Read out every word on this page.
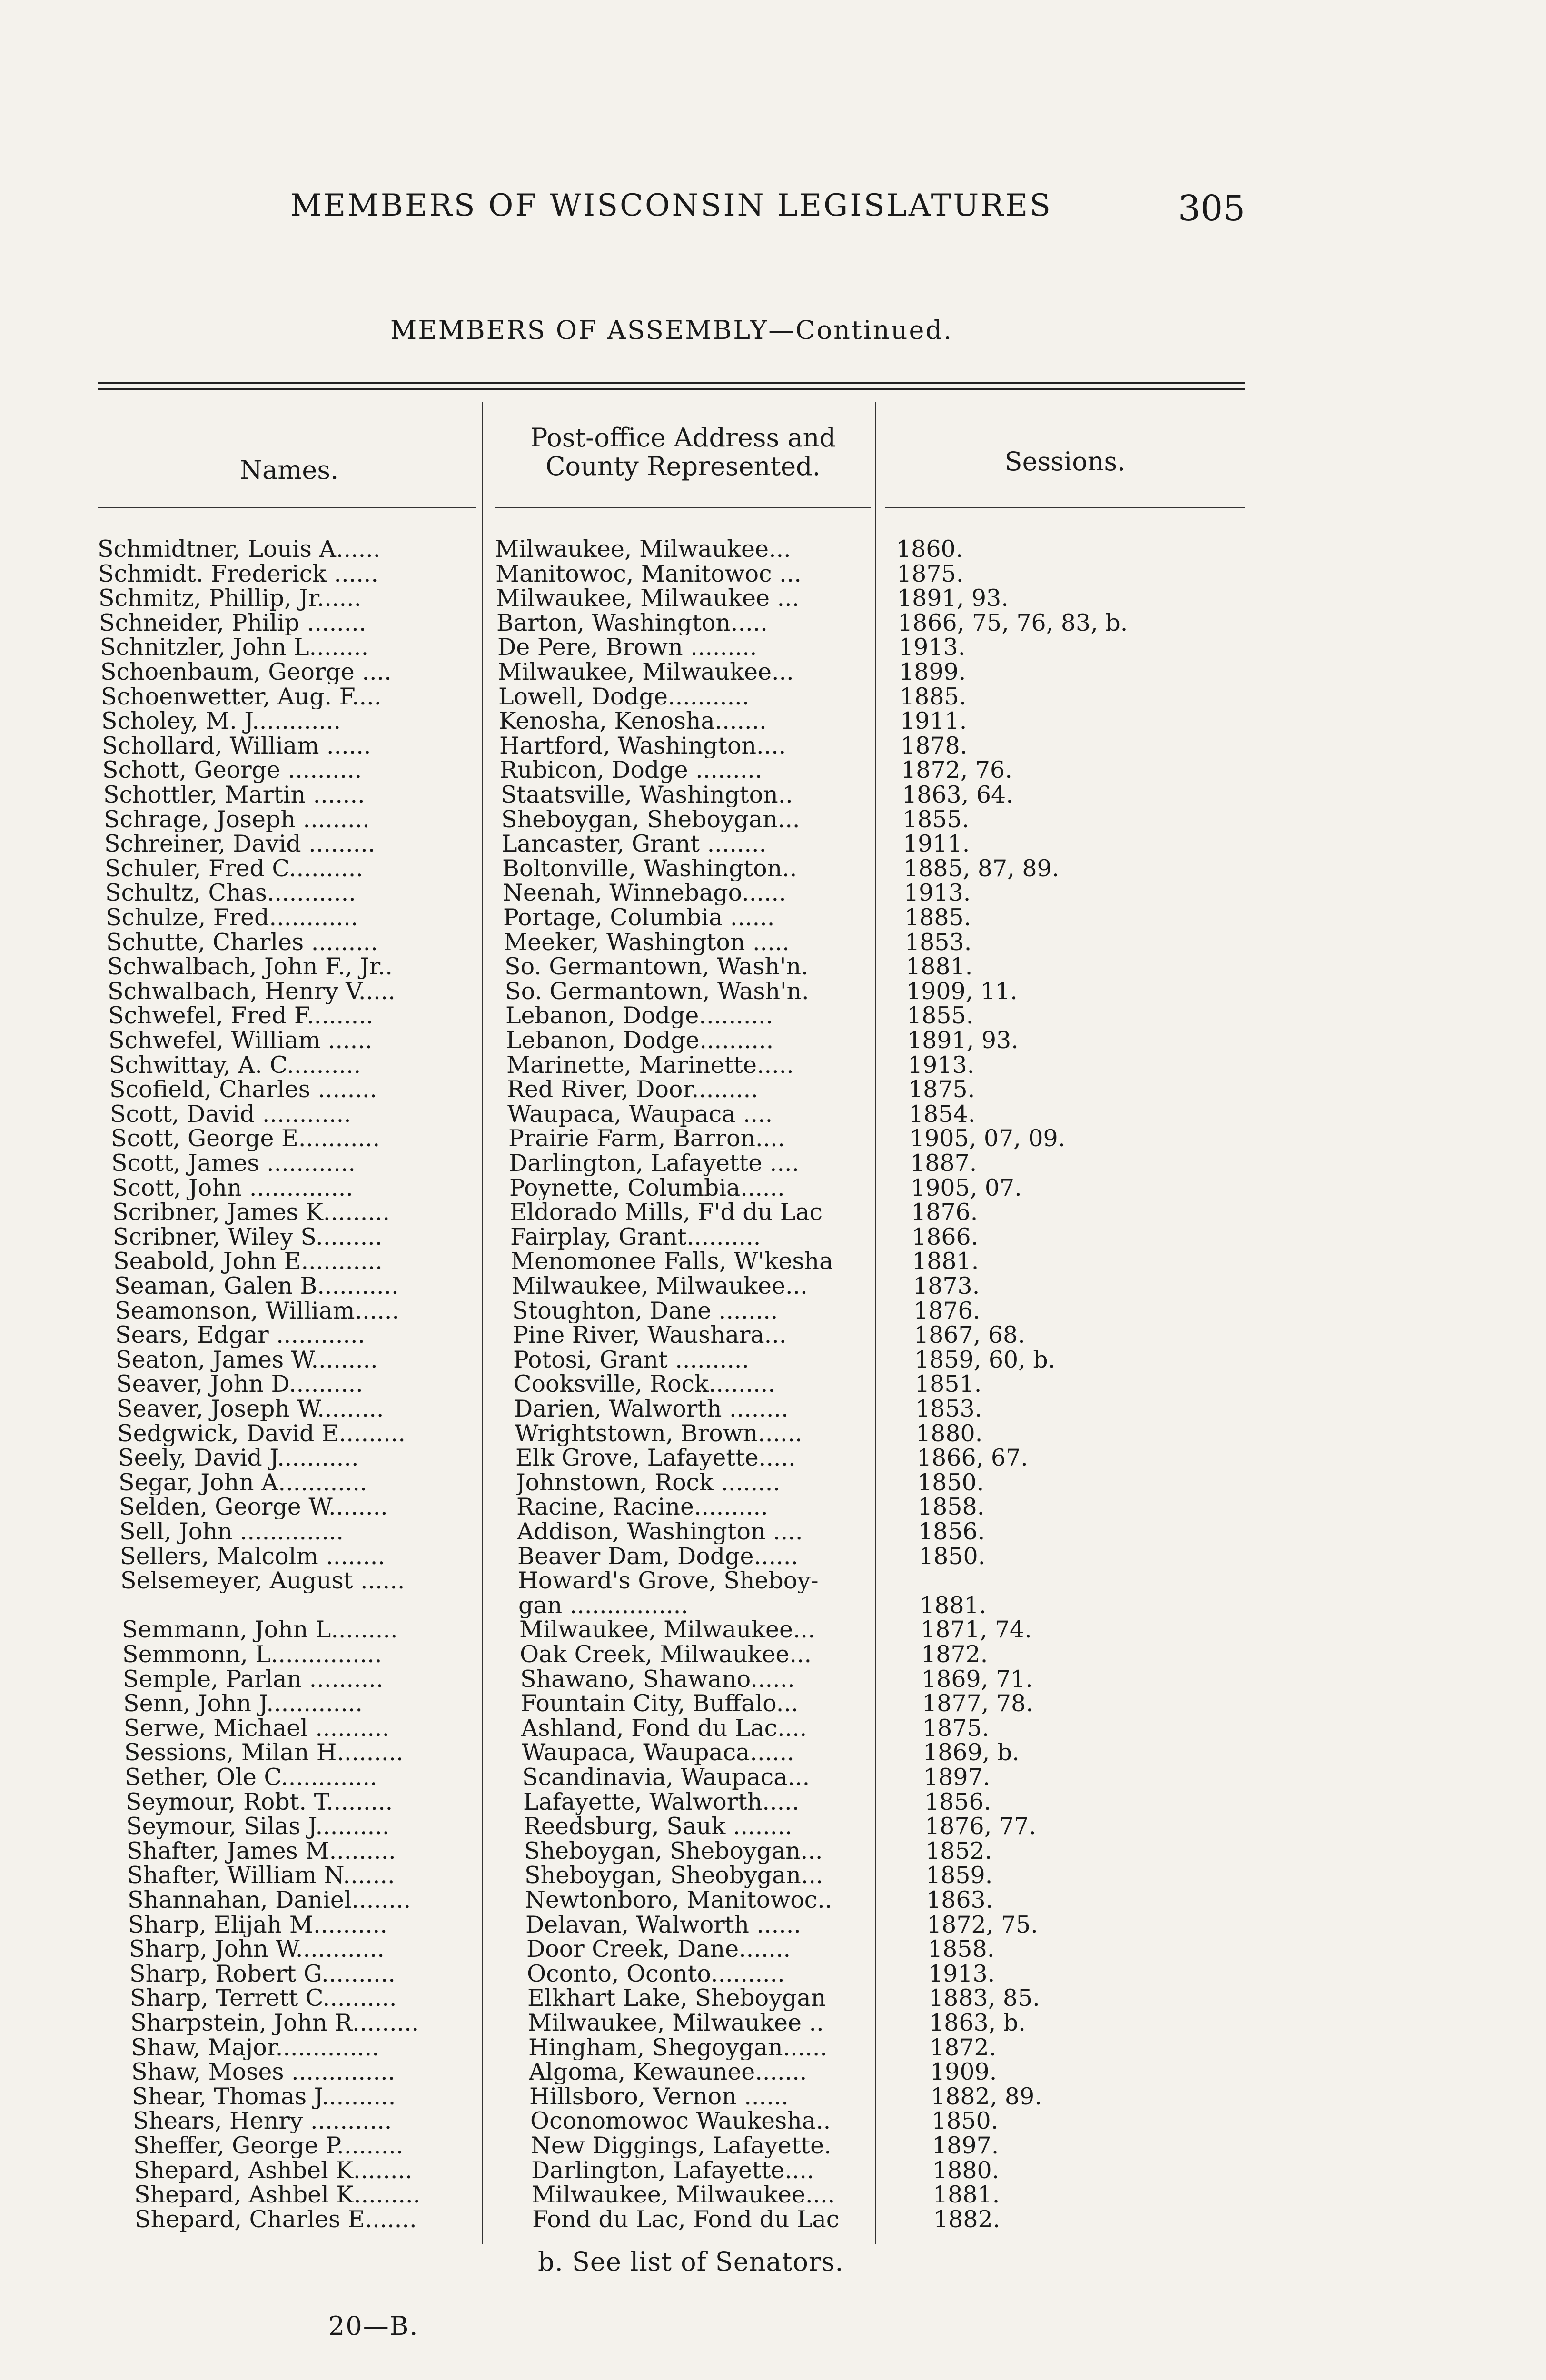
MEMBERS OF WISCONSIN LEGISLATURES	305
MEMBERS OF ASSEMBLY—Continued.
Names.
Post-office Address and
County Represented.	Sessions.
Schmidtner, Louis A......	Milwaukee, Milwaukee...	1860.
Schmidt. Frederick ......	Manitowoc, Manitowoc ...	1875.
Schmitz, Phillip, Jr......	Milwaukee, Milwaukee ...	1891, 93.
Schneider, Philip ........	Barton, Washington.....	1866, 75, 76, 83, b.
Schnitzler, John L........	De Pere, Brown .........	1913.
Schoenbaum, George ....	Milwaukee, Milwaukee...	1899.
Schoenwetter, Aug. F....	Lowell, Dodge...........	1885.
Scholey, M. J............	Kenosha, Kenosha.......	1911.
Schollard, William ......	Hartford, Washington....	1878.
Schott, George ..........	Rubicon, Dodge .........	1872, 76.
Schottler, Martin .......	Staatsville, Washington..	1863, 64.
Schrage, Joseph .........	Sheboygan, Sheboygan...	1855.
Schreiner, David .........	Lancaster, Grant ........	1911.
Schuler, Fred C..........	Boltonville, Washington..	1885, 87, 89.
Schultz, Chas............	Neenah, Winnebago......	1913.
Schulze, Fred............	Portage, Columbia ......	1885.
Schutte, Charles .........	Meeker, Washington .....	1853.
Schwalbach, John F., Jr..	So. Germantown, Wash'n.	1881.
Schwalbach, Henry V.....	So. Germantown, Wash'n.	1909, 11.
Schwefel, Fred F.........	Lebanon, Dodge..........	1855.
Schwefel, William ......	Lebanon, Dodge..........	1891, 93.
Schwittay, A. C..........	Marinette, Marinette.....	1913.
Scofield, Charles ........	Red River, Door.........	1875.
Scott, David ............	Waupaca, Waupaca ....	1854.
Scott, George E...........	Prairie Farm, Barron....	1905, 07, 09.
Scott, James ............	Darlington, Lafayette ....	1887.
Scott, John ..............	Poynette, Columbia......	1905, 07.
Scribner, James K.........	Eldorado Mills, F'd du Lac	1876.
Scribner, Wiley S.........	Fairplay, Grant..........	1866.
Seabold, John E...........	Menomonee Falls, W'kesha	1881.
Seaman, Galen B...........	Milwaukee, Milwaukee...	1873.
Seamonson, William......	Stoughton, Dane ........	1876.
Sears, Edgar ............	Pine River, Waushara...	1867, 68.
Seaton, James W.........	Potosi, Grant ..........	1859, 60, b.
Seaver, John D..........	Cooksville, Rock.........	1851.
Seaver, Joseph W.........	Darien, Walworth ........	1853.
Sedgwick, David E.........	Wrightstown, Brown......	1880.
Seely, David J...........	Elk Grove, Lafayette.....	1866, 67.
Segar, John A............	Johnstown, Rock ........	1850.
Selden, George W........	Racine, Racine..........	1858.
Sell, John ..............	Addison, Washington ....	1856.
Sellers, Malcolm ........	Beaver Dam, Dodge......	1850.
Selsemeyer, August ......	Howard's Grove, Sheboy-
gan ................	1881.
Semmann, John L.........	Milwaukee, Milwaukee...	1871, 74.
Semmonn, L...............	Oak Creek, Milwaukee...	1872.
Semple, Parlan ..........	Shawano, Shawano......	1869, 71.
Senn, John J.............	Fountain City, Buffalo...	1877, 78.
Serwe, Michael ..........	Ashland, Fond du Lac....	1875.
Sessions, Milan H.........	Waupaca, Waupaca......	1869, b.
Sether, Ole C.............	Scandinavia, Waupaca...	1897.
Seymour, Robt. T.........	Lafayette, Walworth.....	1856.
Seymour, Silas J..........	Reedsburg, Sauk ........	1876, 77.
Shafter, James M.........	Sheboygan, Sheboygan...	1852.
Shafter, William N.......	Sheboygan, Sheobygan...	1859.
Shannahan, Daniel........	Newtonboro, Manitowoc..	1863.
Sharp, Elijah M..........	Delavan, Walworth ......	1872, 75.
Sharp, John W............	Door Creek, Dane.......	1858.
Sharp, Robert G..........	Oconto, Oconto..........	1913.
Sharp, Terrett C..........	Elkhart Lake, Sheboygan	1883, 85.
Sharpstein, John R.........	Milwaukee, Milwaukee ..	1863, b.
Shaw, Major..............	Hingham, Shegoygan......	1872.
Shaw, Moses ..............	Algoma, Kewaunee.......	1909.
Shear, Thomas J..........	Hillsboro, Vernon ......	1882, 89.
Shears, Henry ...........	Oconomowoc Waukesha..	1850.
Sheffer, George P.........	New Diggings, Lafayette.	1897.
Shepard, Ashbel K........	Darlington, Lafayette....	1880.
Shepard, Ashbel K.........	Milwaukee, Milwaukee....	1881.
Shepard, Charles E.......	Fond du Lac, Fond du Lac	1882.
b. See list of Senators.
20—B.
